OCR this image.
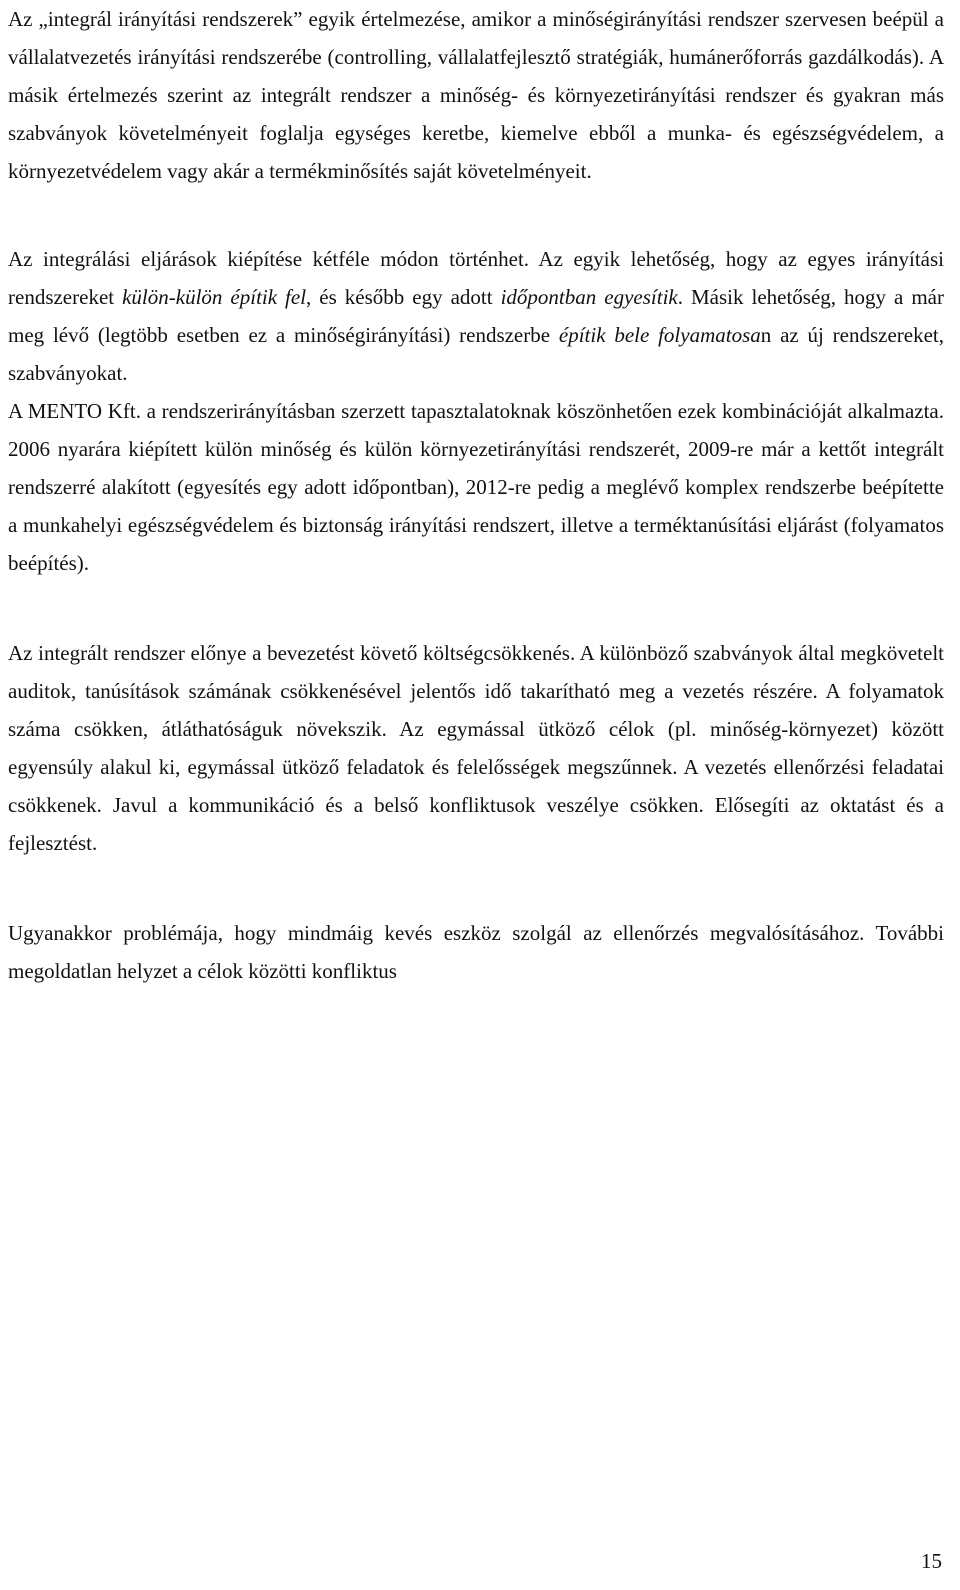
Az „integrál irányítási rendszerek” egyik értelmezése, amikor a minőségirányítási rendszer szervesen beépül a vállalatvezetés irányítási rendszerébe (controlling, vállalatfejlesztő stratégiák, humánerőforrás gazdálkodás). A másik értelmezés szerint az integrált rendszer a minőség- és környezetirányítási rendszer és gyakran más szabványok követelményeit foglalja egységes keretbe, kiemelve ebből a munka- és egészségvédelem, a környezetvédelem vagy akár a termékminősítés saját követelményeit.

Az integrálási eljárások kiépítése kétféle módon történhet. Az egyik lehetőség, hogy az egyes irányítási rendszereket külön-külön építik fel, és később egy adott időpontban egyesítik. Másik lehetőség, hogy a már meg lévő (legtöbb esetben ez a minőségirányítási) rendszerbe építik bele folyamatosan az új rendszereket, szabványokat.

A MENTO Kft. a rendszerirányításban szerzett tapasztalatoknak köszönhetően ezek kombinációját alkalmazta. 2006 nyarára kiépített külön minőség és külön környezetirányítási rendszerét, 2009-re már a kettőt integrált rendszerré alakított (egyesítés egy adott időpontban), 2012-re pedig a meglévő komplex rendszerbe beépítette a munkahelyi egészségvédelem és biztonság irányítási rendszert, illetve a terméktanúsítási eljárást (folyamatos beépítés).

Az integrált rendszer előnye a bevezetést követő költségcsökkenés. A különböző szabványok által megkövetelt auditok, tanúsítások számának csökkenésével jelentős idő takarítható meg a vezetés részére. A folyamatok száma csökken, átláthatóságuk növekszik. Az egymással ütköző célok (pl. minőség-környezet) között egyensúly alakul ki, egymással ütköző feladatok és felelősségek megszűnnek. A vezetés ellenőrzési feladatai csökkenek. Javul a kommunikáció és a belső konfliktusok veszélye csökken. Elősegíti az oktatást és a fejlesztést.

Ugyanakkor problémája, hogy mindmáig kevés eszköz szolgál az ellenőrzés megvalósításához. További megoldatlan helyzet a célok közötti konfliktus

15
